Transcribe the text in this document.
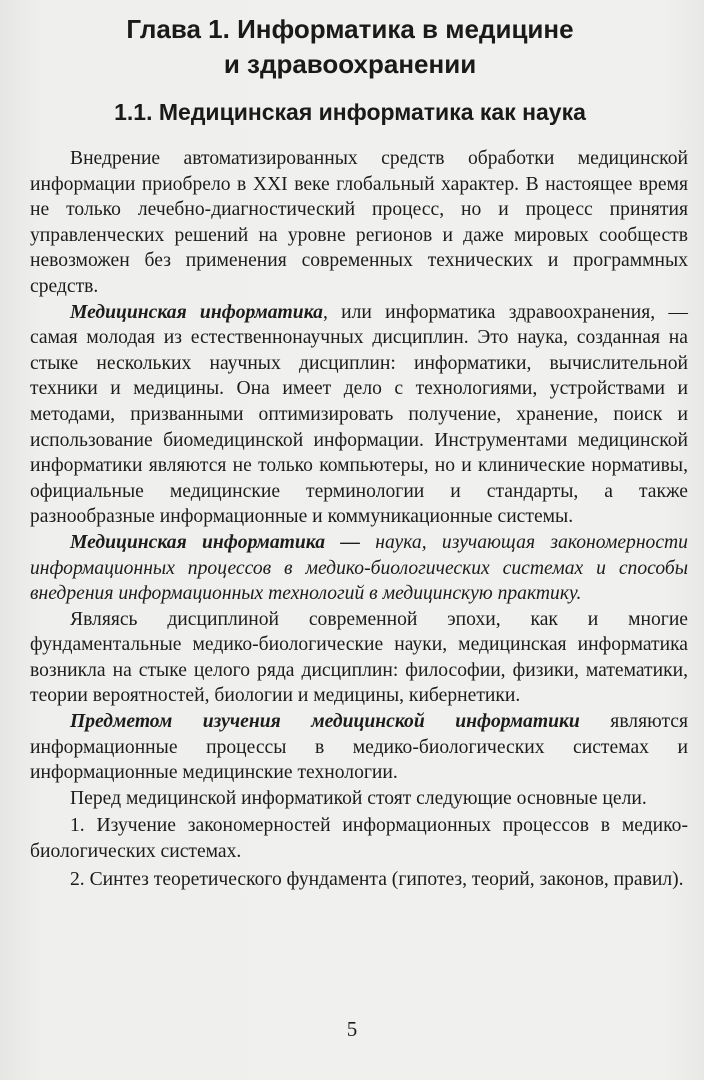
Глава 1. Информатика в медицине
и здравоохранении
1.1. Медицинская информатика как наука

Внедрение автоматизированных средств обработки медицинской информации приобрело в XXI веке глобальный характер. В настоящее время не только лечебно-диагностический процесс, но и процесс принятия управленческих решений на уровне регионов и даже мировых сообществ невозможен без применения современных технических и программных средств.

Медицинская информатика, или информатика здравоохранения, — самая молодая из естественнонаучных дисциплин. Это наука, созданная на стыке нескольких научных дисциплин: информатики, вычислительной техники и медицины. Она имеет дело с технологиями, устройствами и методами, призванными оптимизировать получение, хранение, поиск и использование биомедицинской информации. Инструментами медицинской информатики являются не только компьютеры, но и клинические нормативы, официальные медицинские терминологии и стандарты, а также разнообразные информационные и коммуникационные системы.

Медицинская информатика — наука, изучающая закономерности информационных процессов в медико-биологических системах и способы внедрения информационных технологий в медицинскую практику.

Являясь дисциплиной современной эпохи, как и многие фундаментальные медико-биологические науки, медицинская информатика возникла на стыке целого ряда дисциплин: философии, физики, математики, теории вероятностей, биологии и медицины, кибернетики.

Предметом изучения медицинской информатики являются информационные процессы в медико-биологических системах и информационные медицинские технологии.

Перед медицинской информатикой стоят следующие основные цели.

1. Изучение закономерностей информационных процессов в медико-биологических системах.

2. Синтез теоретического фундамента (гипотез, теорий, законов, правил).

5
